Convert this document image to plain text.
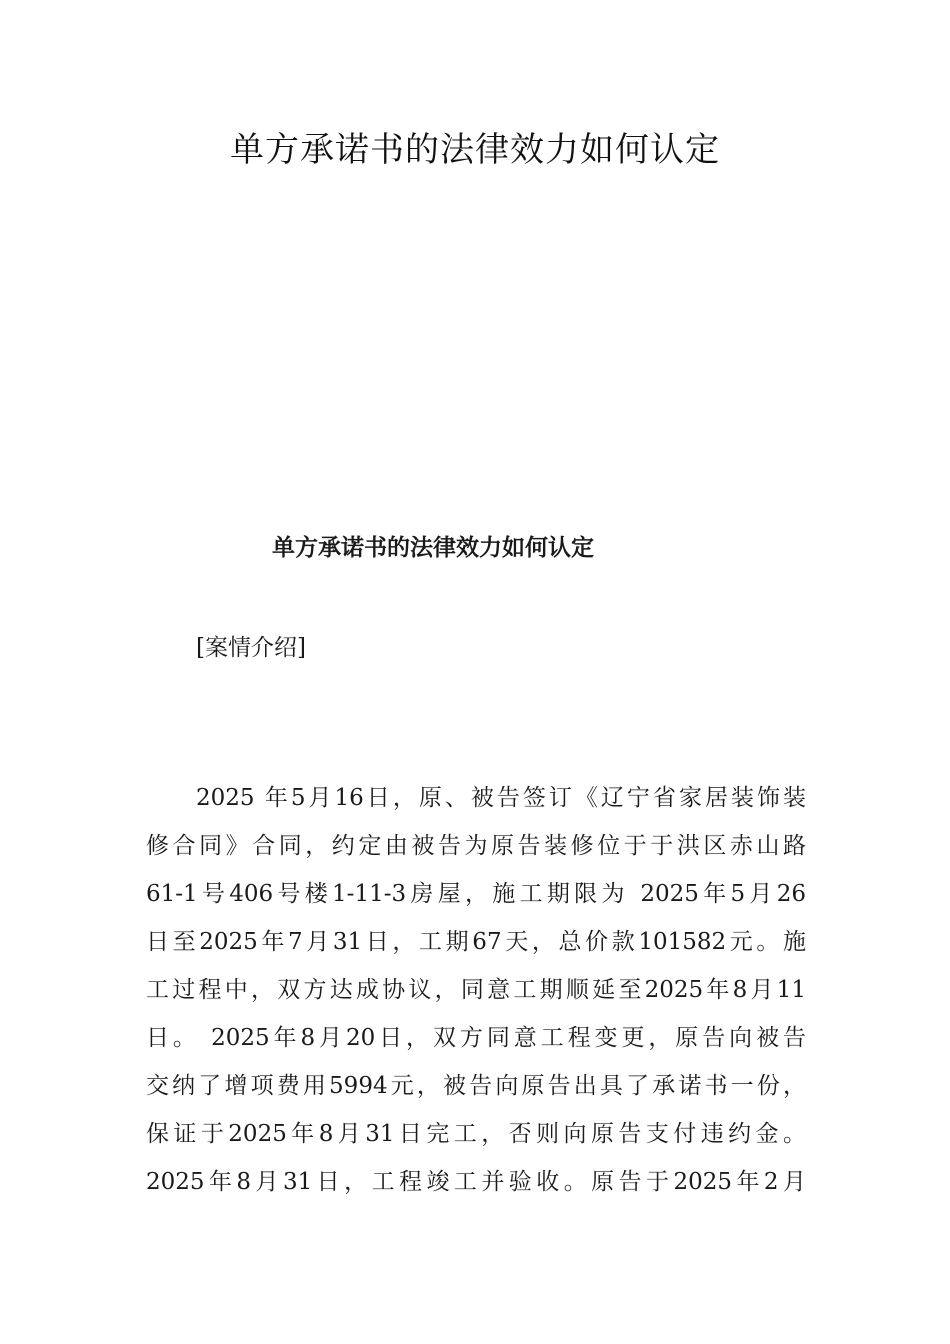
单方承诺书的法律效力如何认定
单方承诺书的法律效力如何认定
[案情介绍]
2025 年5月16日，原、被告签订《辽宁省家居装饰装
修合同》合同，约定由被告为原告装修位于于洪区赤山路
61-1号406号楼1-11-3房屋，施工期限为 2025年5月26
日至2025年7月31日，工期67天，总价款101582元。施
工过程中，双方达成协议，同意工期顺延至2025年8月11
日。 2025年8月20日，双方同意工程变更，原告向被告
交纳了增项费用5994元，被告向原告出具了承诺书一份，
保证于2025年8月31日完工，否则向原告支付违约金。
2025年8月31日，工程竣工并验收。原告于2025年2月
